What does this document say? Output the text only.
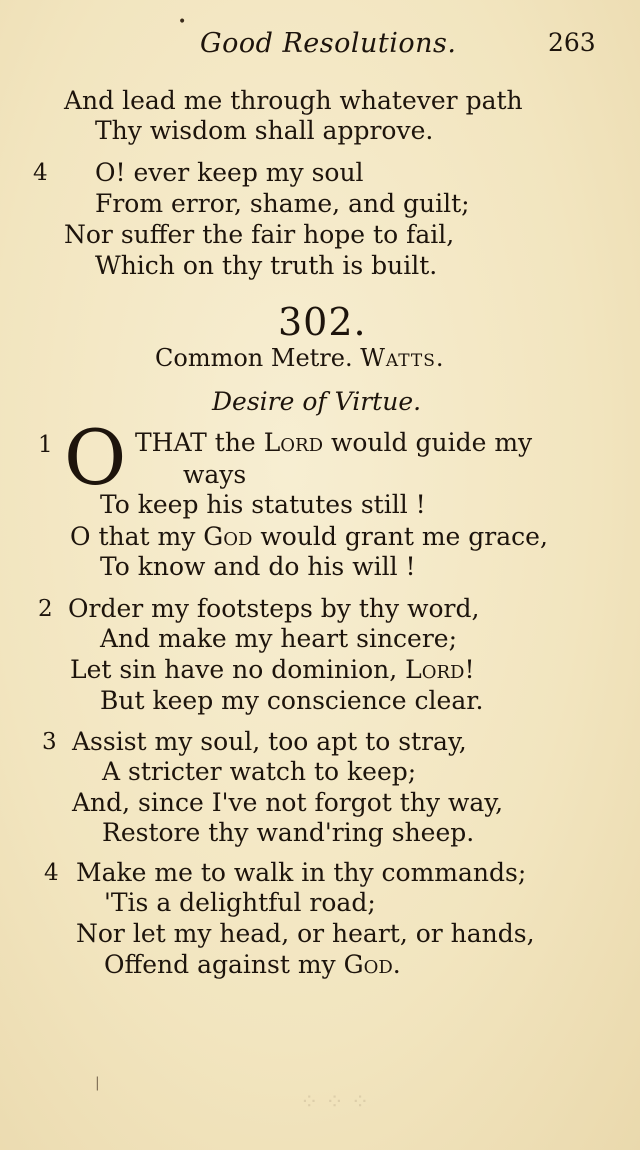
•
Good Resolutions.	263
And lead me through whatever path
Thy wisdom shall approve.
4 O! ever keep my soul
From error, shame, and guilt;
Nor suffer the fair hope to fail,
Which on thy truth is built.
302.
Common Metre. Watts.
Desire of Virtue.
1 O THAT the Lord would guide my
ways
To keep his statutes still !
O that my God would grant me grace,
To know and do his will !
2 Order my footsteps by thy word,
And make my heart sincere;
Let sin have no dominion, Lord!
But keep my conscience clear.
3 Assist my soul, too apt to stray,
A stricter watch to keep;
And, since I've not forgot thy way,
Restore thy wand'ring sheep.
4 Make me to walk in thy commands;
'Tis a delightful road;
Nor let my head, or heart, or hands,
Offend against my God.
⁘ ⁘ ⁘
|
